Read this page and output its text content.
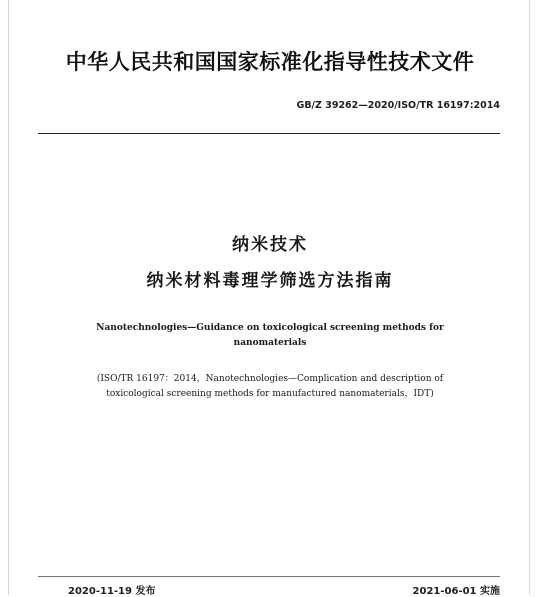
中华人民共和国国家标准化指导性技术文件
GB/Z 39262—2020/ISO/TR 16197:2014
纳米技术
纳米材料毒理学筛选方法指南
Nanotechnologies—Guidance on toxicological screening methods for
nanomaterials
(ISO/TR 16197：2014，Nanotechnologies—Complication and description of
toxicological screening methods for manufactured nanomaterials，IDT)
2020-11-19 发布	2021-06-01 实施
